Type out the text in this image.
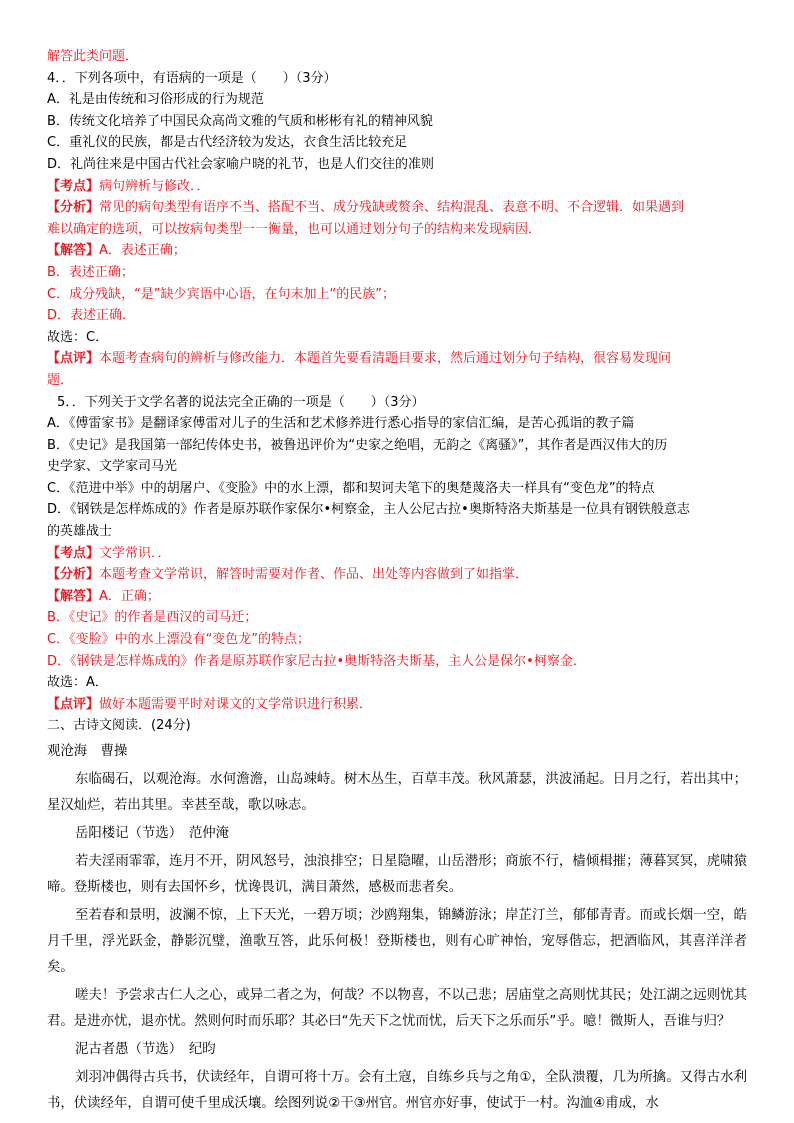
解答此类问题．
4．．下列各项中，有语病的一项是（　　）（3分）
A．礼是由传统和习俗形成的行为规范
B．传统文化培养了中国民众高尚文雅的气质和彬彬有礼的精神风貌
C．重礼仪的民族，都是古代经济较为发达，衣食生活比较充足
D．礼尚往来是中国古代社会家喻户晓的礼节，也是人们交往的准则
【考点】病句辨析与修改．．
【分析】常见的病句类型有语序不当、搭配不当、成分残缺或赘余、结构混乱、表意不明、不合逻辑．如果遇到
难以确定的选项，可以按病句类型一一衡量，也可以通过划分句子的结构来发现病因．
【解答】A．表述正确；
B．表述正确；
C．成分残缺，“是”缺少宾语中心语，在句末加上“的民族”；
D．表述正确．
故选：C．
【点评】本题考查病句的辨析与修改能力．本题首先要看清题目要求，然后通过划分句子结构，很容易发现问
题．
5．．下列关于文学名著的说法完全正确的一项是（　　）（3分）
A．《傅雷家书》是翻译家傅雷对儿子的生活和艺术修养进行悉心指导的家信汇编，是苦心孤诣的教子篇
B．《史记》是我国第一部纪传体史书，被鲁迅评价为“史家之绝唱，无韵之《离骚》”，其作者是西汉伟大的历
史学家、文学家司马光
C．《范进中举》中的胡屠户、《变脸》中的水上漂，都和契诃夫笔下的奥楚蔑洛夫一样具有“变色龙”的特点
D．《钢铁是怎样炼成的》作者是原苏联作家保尔•柯察金，主人公尼古拉•奥斯特洛夫斯基是一位具有钢铁般意志
的英雄战士
【考点】文学常识．．
【分析】本题考查文学常识，解答时需要对作者、作品、出处等内容做到了如指掌．
【解答】A．正确；
B．《史记》的作者是西汉的司马迁；
C．《变脸》中的水上漂没有“变色龙”的特点；
D．《钢铁是怎样炼成的》作者是原苏联作家尼古拉•奥斯特洛夫斯基，主人公是保尔•柯察金．
故选：A．
【点评】做好本题需要平时对课文的文学常识进行积累．
二、古诗文阅读．(24分)
观沧海　曹操
东临碣石，以观沧海。水何澹澹，山岛竦峙。树木丛生，百草丰茂。秋风萧瑟，洪波涌起。日月之行，若出其中；星汉灿烂，若出其里。幸甚至哉，歌以咏志。
岳阳楼记（节选）　范仲淹
若夫淫雨霏霏，连月不开，阴风怒号，浊浪排空；日星隐曜，山岳潜形；商旅不行，樯倾楫摧；薄暮冥冥，虎啸猿啼。登斯楼也，则有去国怀乡，忧谗畏讥，满目萧然，感极而悲者矣。
至若春和景明，波澜不惊，上下天光，一碧万顷；沙鸥翔集，锦鳞游泳；岸芷汀兰，郁郁青青。而或长烟一空，皓月千里，浮光跃金，静影沉璧，渔歌互答，此乐何极！登斯楼也，则有心旷神怡，宠辱偕忘，把酒临风，其喜洋洋者矣。
嗟夫！予尝求古仁人之心，或异二者之为，何哉？不以物喜，不以己悲；居庙堂之高则忧其民；处江湖之远则忧其君。是进亦忧，退亦忧。然则何时而乐耶？其必曰“先天下之忧而忧，后天下之乐而乐”乎。噫！微斯人，吾谁与归？
泥古者愚（节选）　纪昀
刘羽冲偶得古兵书，伏读经年，自谓可将十万。会有土寇，自练乡兵与之角①，全队溃覆，几为所擒。又得古水利书，伏读经年，自谓可使千里成沃壤。绘图列说②干③州官。州官亦好事，使试于一村。沟洫④甫成，水
